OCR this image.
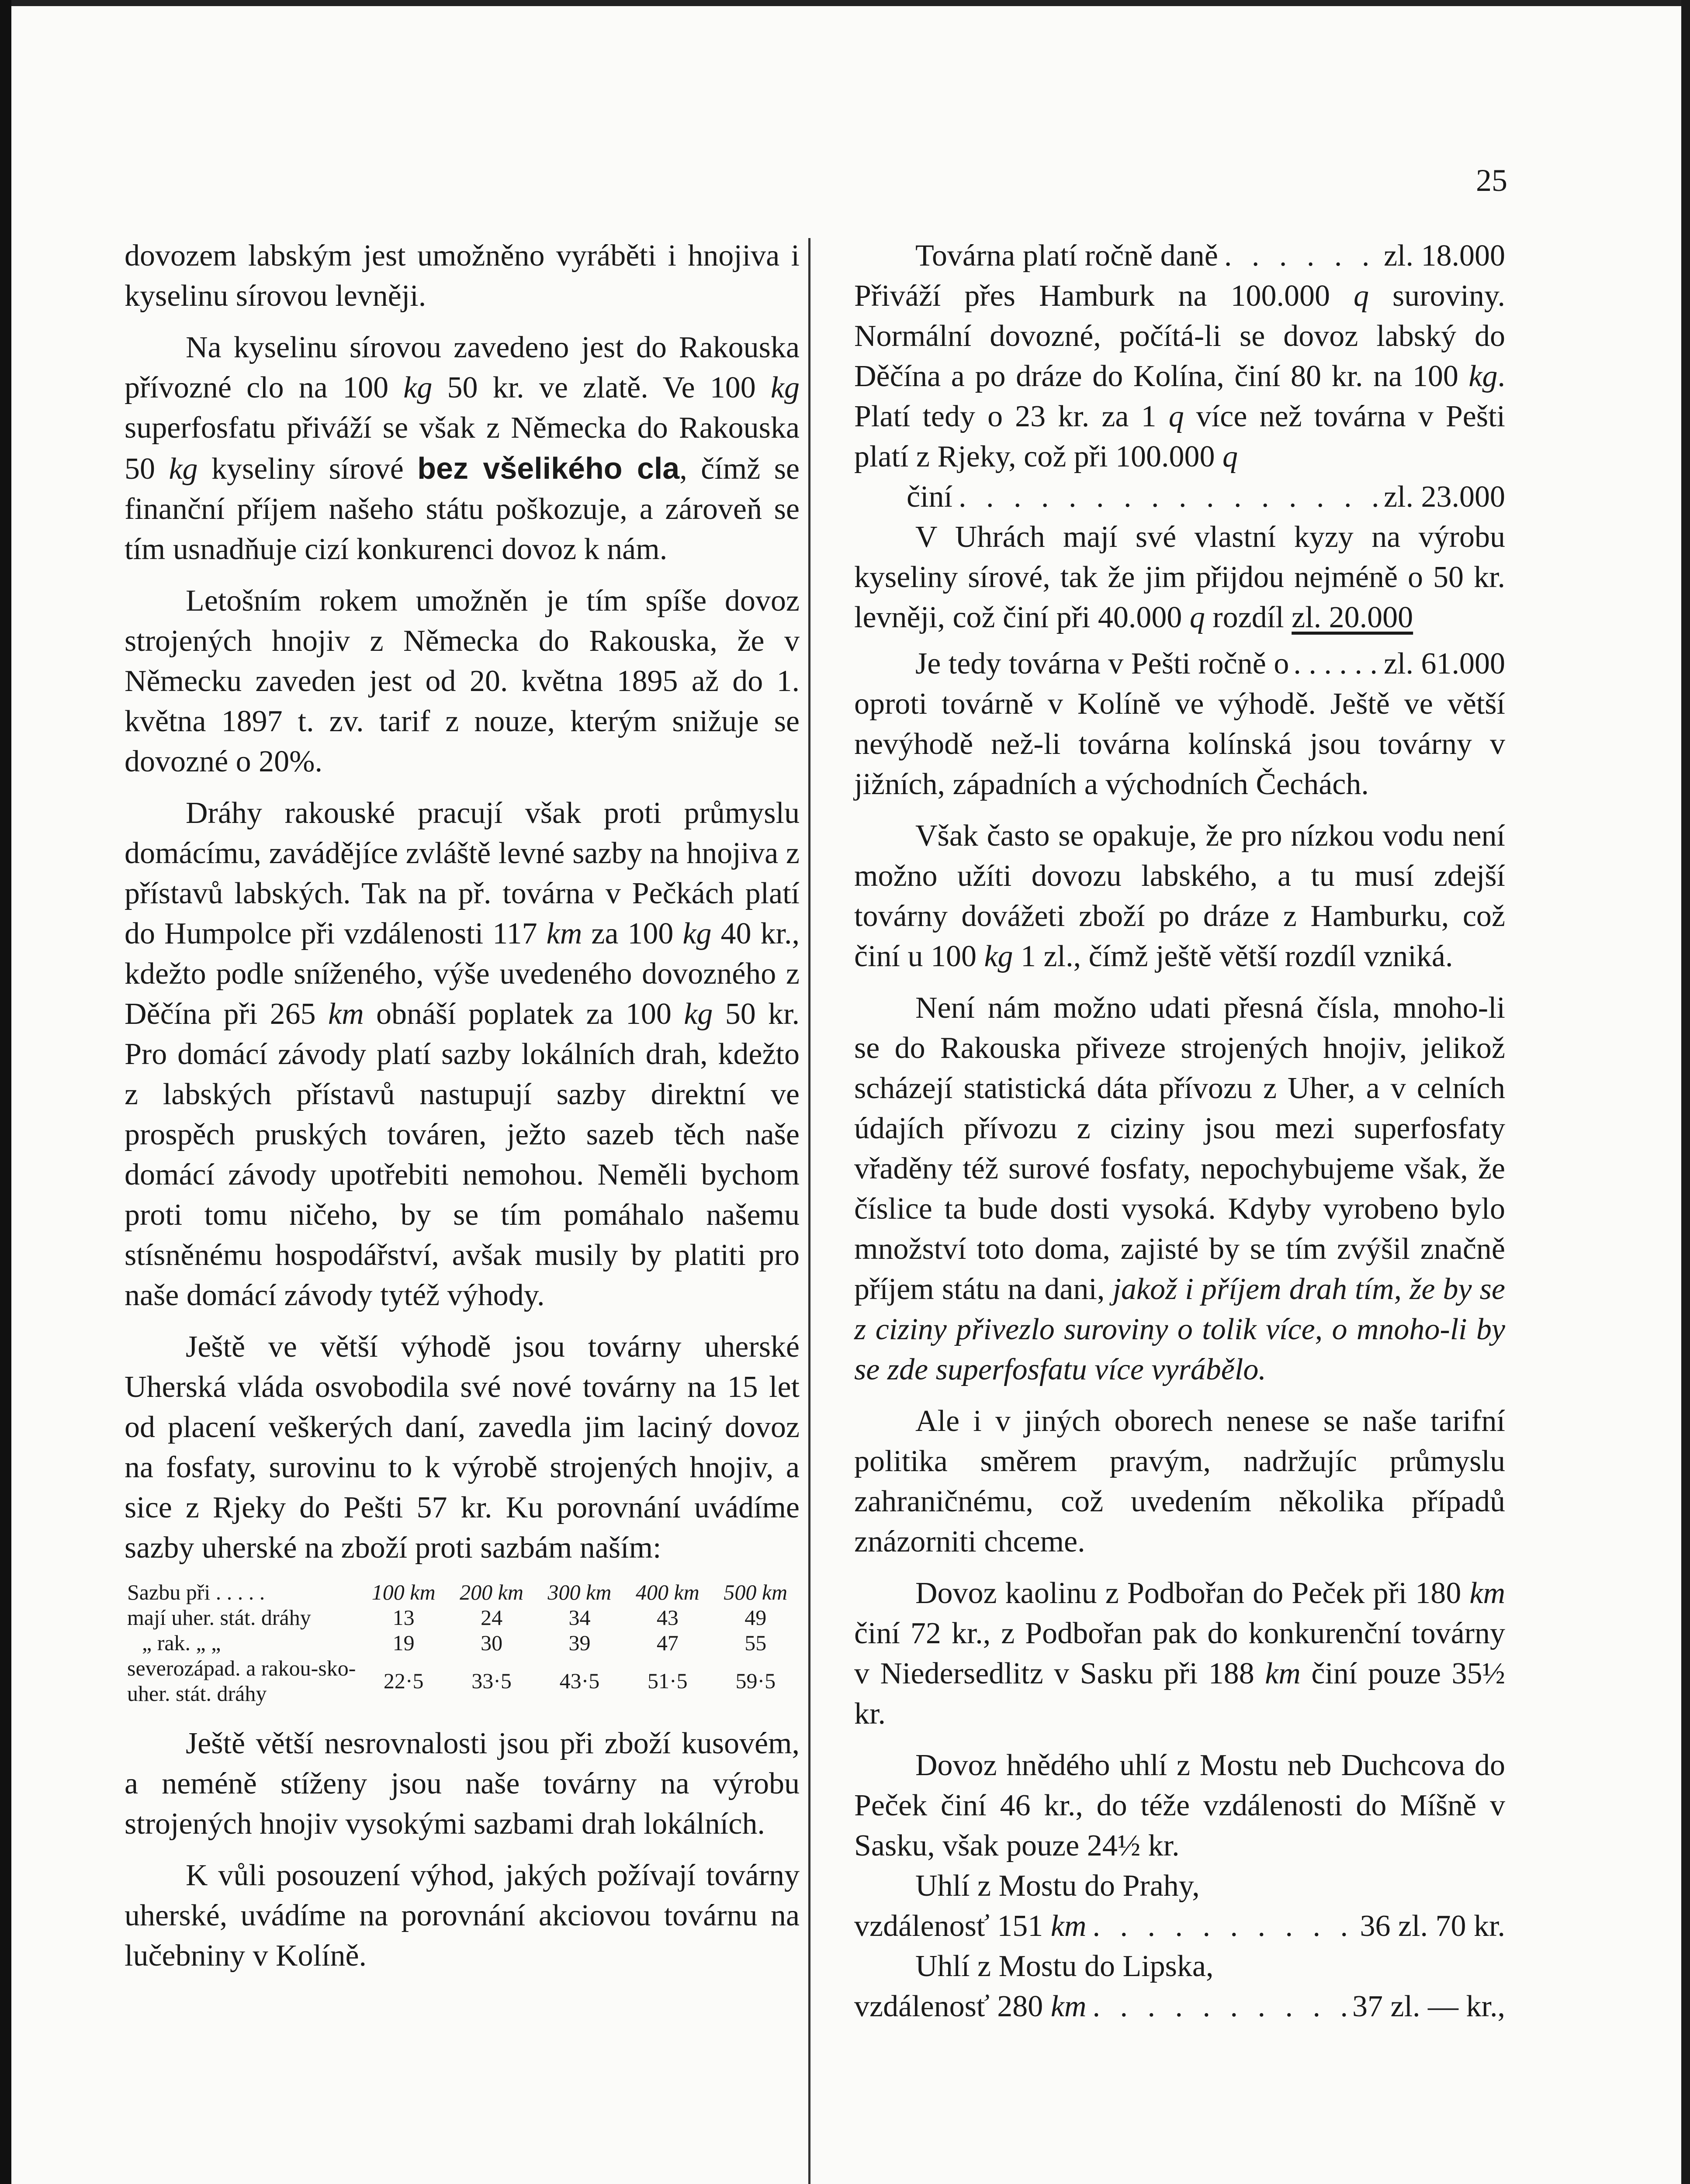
25

dovozem labským jest umožněno vyráběti i hnojiva i kyselinu sírovou levněji.

Na kyselinu sírovou zavedeno jest do Rakouska přívozné clo na 100 kg 50 kr. ve zlatě. Ve 100 kg superfosfatu přiváží se však z Německa do Rakouska 50 kg kyseliny sírové bez všelikého cla, čímž se finanční příjem našeho státu poškozuje, a zároveň se tím usnadňuje cizí konkurenci dovoz k nám.

Letošním rokem umožněn je tím spíše dovoz strojených hnojiv z Německa do Rakouska, že v Německu zaveden jest od 20. května 1895 až do 1. května 1897 t. zv. tarif z nouze, kterým snižuje se dovozné o 20%.

Dráhy rakouské pracují však proti průmyslu domácímu, zavádějíce zvláště levné sazby na hnojiva z přístavů labských. Tak na př. továrna v Pečkách platí do Humpolce při vzdálenosti 117 km za 100 kg 40 kr., kdežto podle sníženého, výše uvedeného dovozného z Děčína při 265 km obnáší poplatek za 100 kg 50 kr. Pro domácí závody platí sazby lokálních drah, kdežto z labských přístavů nastupují sazby direktní ve prospěch pruských továren, ježto sazeb těch naše domácí závody upotřebiti nemohou. Neměli bychom proti tomu ničeho, by se tím pomáhalo našemu stísněnému hospodářství, avšak musily by platiti pro naše domácí závody tytéž výhody.

Ještě ve větší výhodě jsou továrny uherské Uherská vláda osvobodila své nové továrny na 15 let od placení veškerých daní, zavedla jim laciný dovoz na fosfaty, surovinu to k výrobě strojených hnojiv, a sice z Rjeky do Pešti 57 kr. Ku porovnání uvádíme sazby uherské na zboží proti sazbám naším:

Sazbu při . . . . .	100 km	200 km	300 km	400 km	500 km
mají uher. stát. dráhy	13	24	34	43	49
„ rak. „ „	19	30	39	47	55
severozápad. a rakou-sko-uher. stát. dráhy	22·5	33·5	43·5	51·5	59·5

Ještě větší nesrovnalosti jsou při zboží kusovém, a neméně stíženy jsou naše továrny na výrobu strojených hnojiv vysokými sazbami drah lokálních.

K vůli posouzení výhod, jakých požívají továrny uherské, uvádíme na porovnání akciovou továrnu na lučebniny v Kolíně.

Továrna platí ročně daně . . .	zl. 18.000

Přiváží přes Hamburk na 100.000 q suroviny. Normální dovozné, počítá-li se dovoz labský do Děčína a po dráze do Kolína, činí 80 kr. na 100 kg. Platí tedy o 23 kr. za 1 q více než továrna v Pešti platí z Rjeky, což při 100.000 q

činí . . .	zl. 23.000

V Uhrách mají své vlastní kyzy na výrobu kyseliny sírové, tak že jim přijdou nejméně o 50 kr. levněji, což činí při 40.000 q rozdíl zl. 20.000

Je tedy továrna v Pešti ročně o . . .	zl. 61.000

oproti továrně v Kolíně ve výhodě. Ještě ve větší nevýhodě než-li továrna kolínská jsou továrny v jižních, západních a východních Čechách.

Však často se opakuje, že pro nízkou vodu není možno užíti dovozu labského, a tu musí zdejší továrny dovážeti zboží po dráze z Hamburku, což činí u 100 kg 1 zl., čímž ještě větší rozdíl vzniká.

Není nám možno udati přesná čísla, mnoho-li se do Rakouska přiveze strojených hnojiv, jelikož scházejí statistická dáta přívozu z Uher, a v celních údajích přívozu z ciziny jsou mezi superfosfaty vřaděny též surové fosfaty, nepochybujeme však, že číslice ta bude dosti vysoká. Kdyby vyrobeno bylo množství toto doma, zajisté by se tím zvýšil značně příjem státu na dani, jakož i příjem drah tím, že by se z ciziny přivezlo suroviny o tolik více, o mnoho-li by se zde superfosfatu více vyrábělo.

Ale i v jiných oborech nenese se naše tarifní politika směrem pravým, nadržujíc průmyslu zahraničnému, což uvedením několika případů znázorniti chceme.

Dovoz kaolinu z Podbořan do Peček při 180 km činí 72 kr., z Podbořan pak do konkurenční továrny v Niedersedlitz v Sasku při 188 km činí pouze 35½ kr.

Dovoz hnědého uhlí z Mostu neb Duchcova do Peček činí 46 kr., do téže vzdálenosti do Míšně v Sasku, však pouze 24½ kr.

Uhlí z Mostu do Prahy,
vzdálenosť 151 km . . .	36 zl. 70 kr.
Uhlí z Mostu do Lipska,
vzdálenosť 280 km . . .	37 zl. — kr.,
